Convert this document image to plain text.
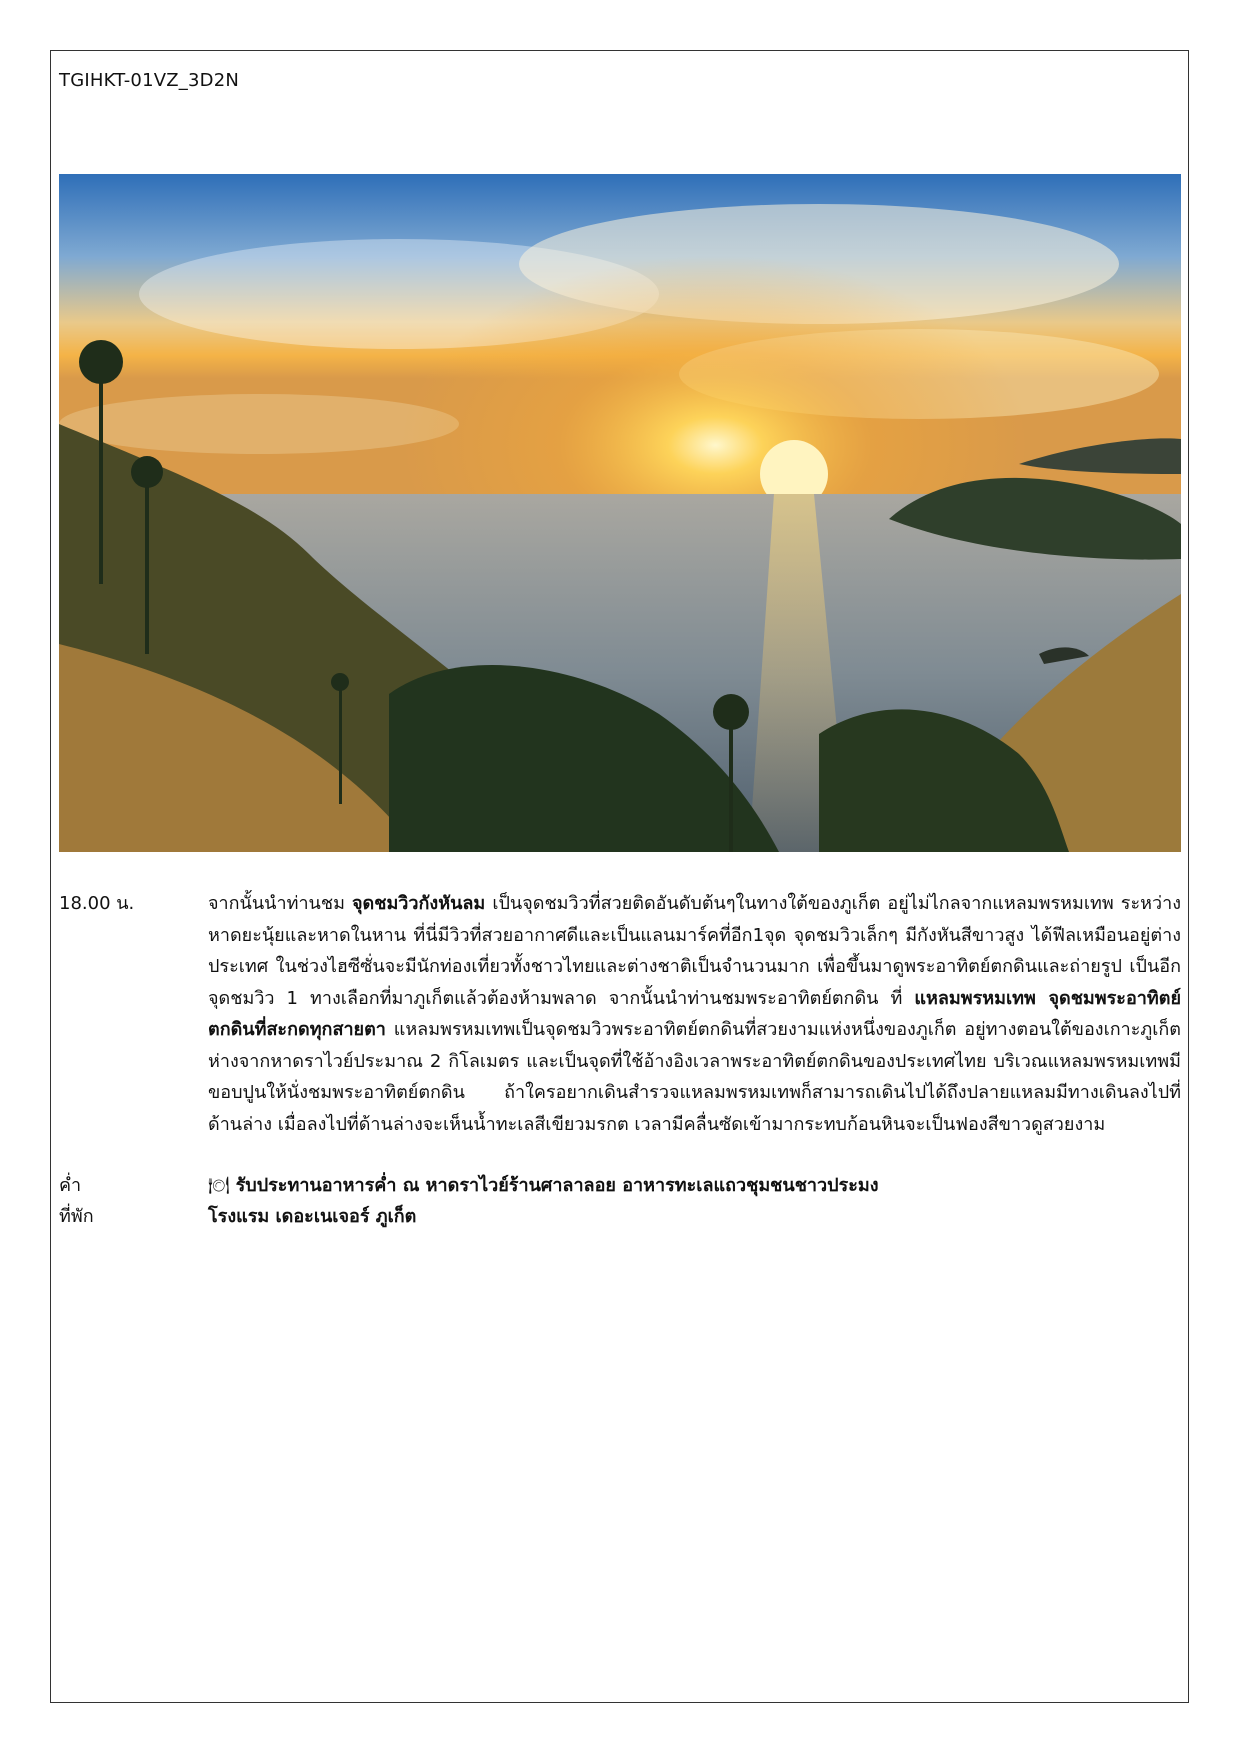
TGIHKT-01VZ_3D2N
18.00 น.	จากนั้นนำท่านชม จุดชมวิวกังหันลม เป็นจุดชมวิวที่สวยติดอันดับต้นๆในทางใต้ของภูเก็ต อยู่ไม่ไกลจากแหลมพรหมเทพ ระหว่างหาดยะนุ้ยและหาดในหาน ที่นี่มีวิวที่สวยอากาศดีและเป็นแลนมาร์คที่อีก1จุด จุดชมวิวเล็กๆ มีกังหันสีขาวสูง ได้ฟีลเหมือนอยู่ต่างประเทศ ในช่วงไฮซีซั่นจะมีนักท่องเที่ยวทั้งชาวไทยและต่างชาติเป็นจำนวนมาก เพื่อขึ้นมาดูพระอาทิตย์ตกดินและถ่ายรูป เป็นอีกจุดชมวิว 1 ทางเลือกที่มาภูเก็ตแล้วต้องห้ามพลาด จากนั้นนำท่านชมพระอาทิตย์ตกดิน ที่ แหลมพรหมเทพ จุดชมพระอาทิตย์ตกดินที่สะกดทุกสายตา แหลมพรหมเทพเป็นจุดชมวิวพระอาทิตย์ตกดินที่สวยงามแห่งหนึ่งของภูเก็ต อยู่ทางตอนใต้ของเกาะภูเก็ตห่างจากหาดราไวย์ประมาณ 2 กิโลเมตร และเป็นจุดที่ใช้อ้างอิงเวลาพระอาทิตย์ตกดินของประเทศไทย บริเวณแหลมพรหมเทพมีขอบปูนให้นั่งชมพระอาทิตย์ตกดิน ถ้าใครอยากเดินสำรวจแหลมพรหมเทพก็สามารถเดินไปได้ถึงปลายแหลมมีทางเดินลงไปที่ด้านล่าง เมื่อลงไปที่ด้านล่างจะเห็นน้ำทะเลสีเขียวมรกต เวลามีคลื่นซัดเข้ามากระทบก้อนหินจะเป็นฟองสีขาวดูสวยงาม
ค่ำ	🍽 รับประทานอาหารค่ำ ณ หาดราไวย์ร้านศาลาลอย อาหารทะเลแถวชุมชนชาวประมง
ที่พัก	โรงแรม เดอะเนเจอร์ ภูเก็ต
